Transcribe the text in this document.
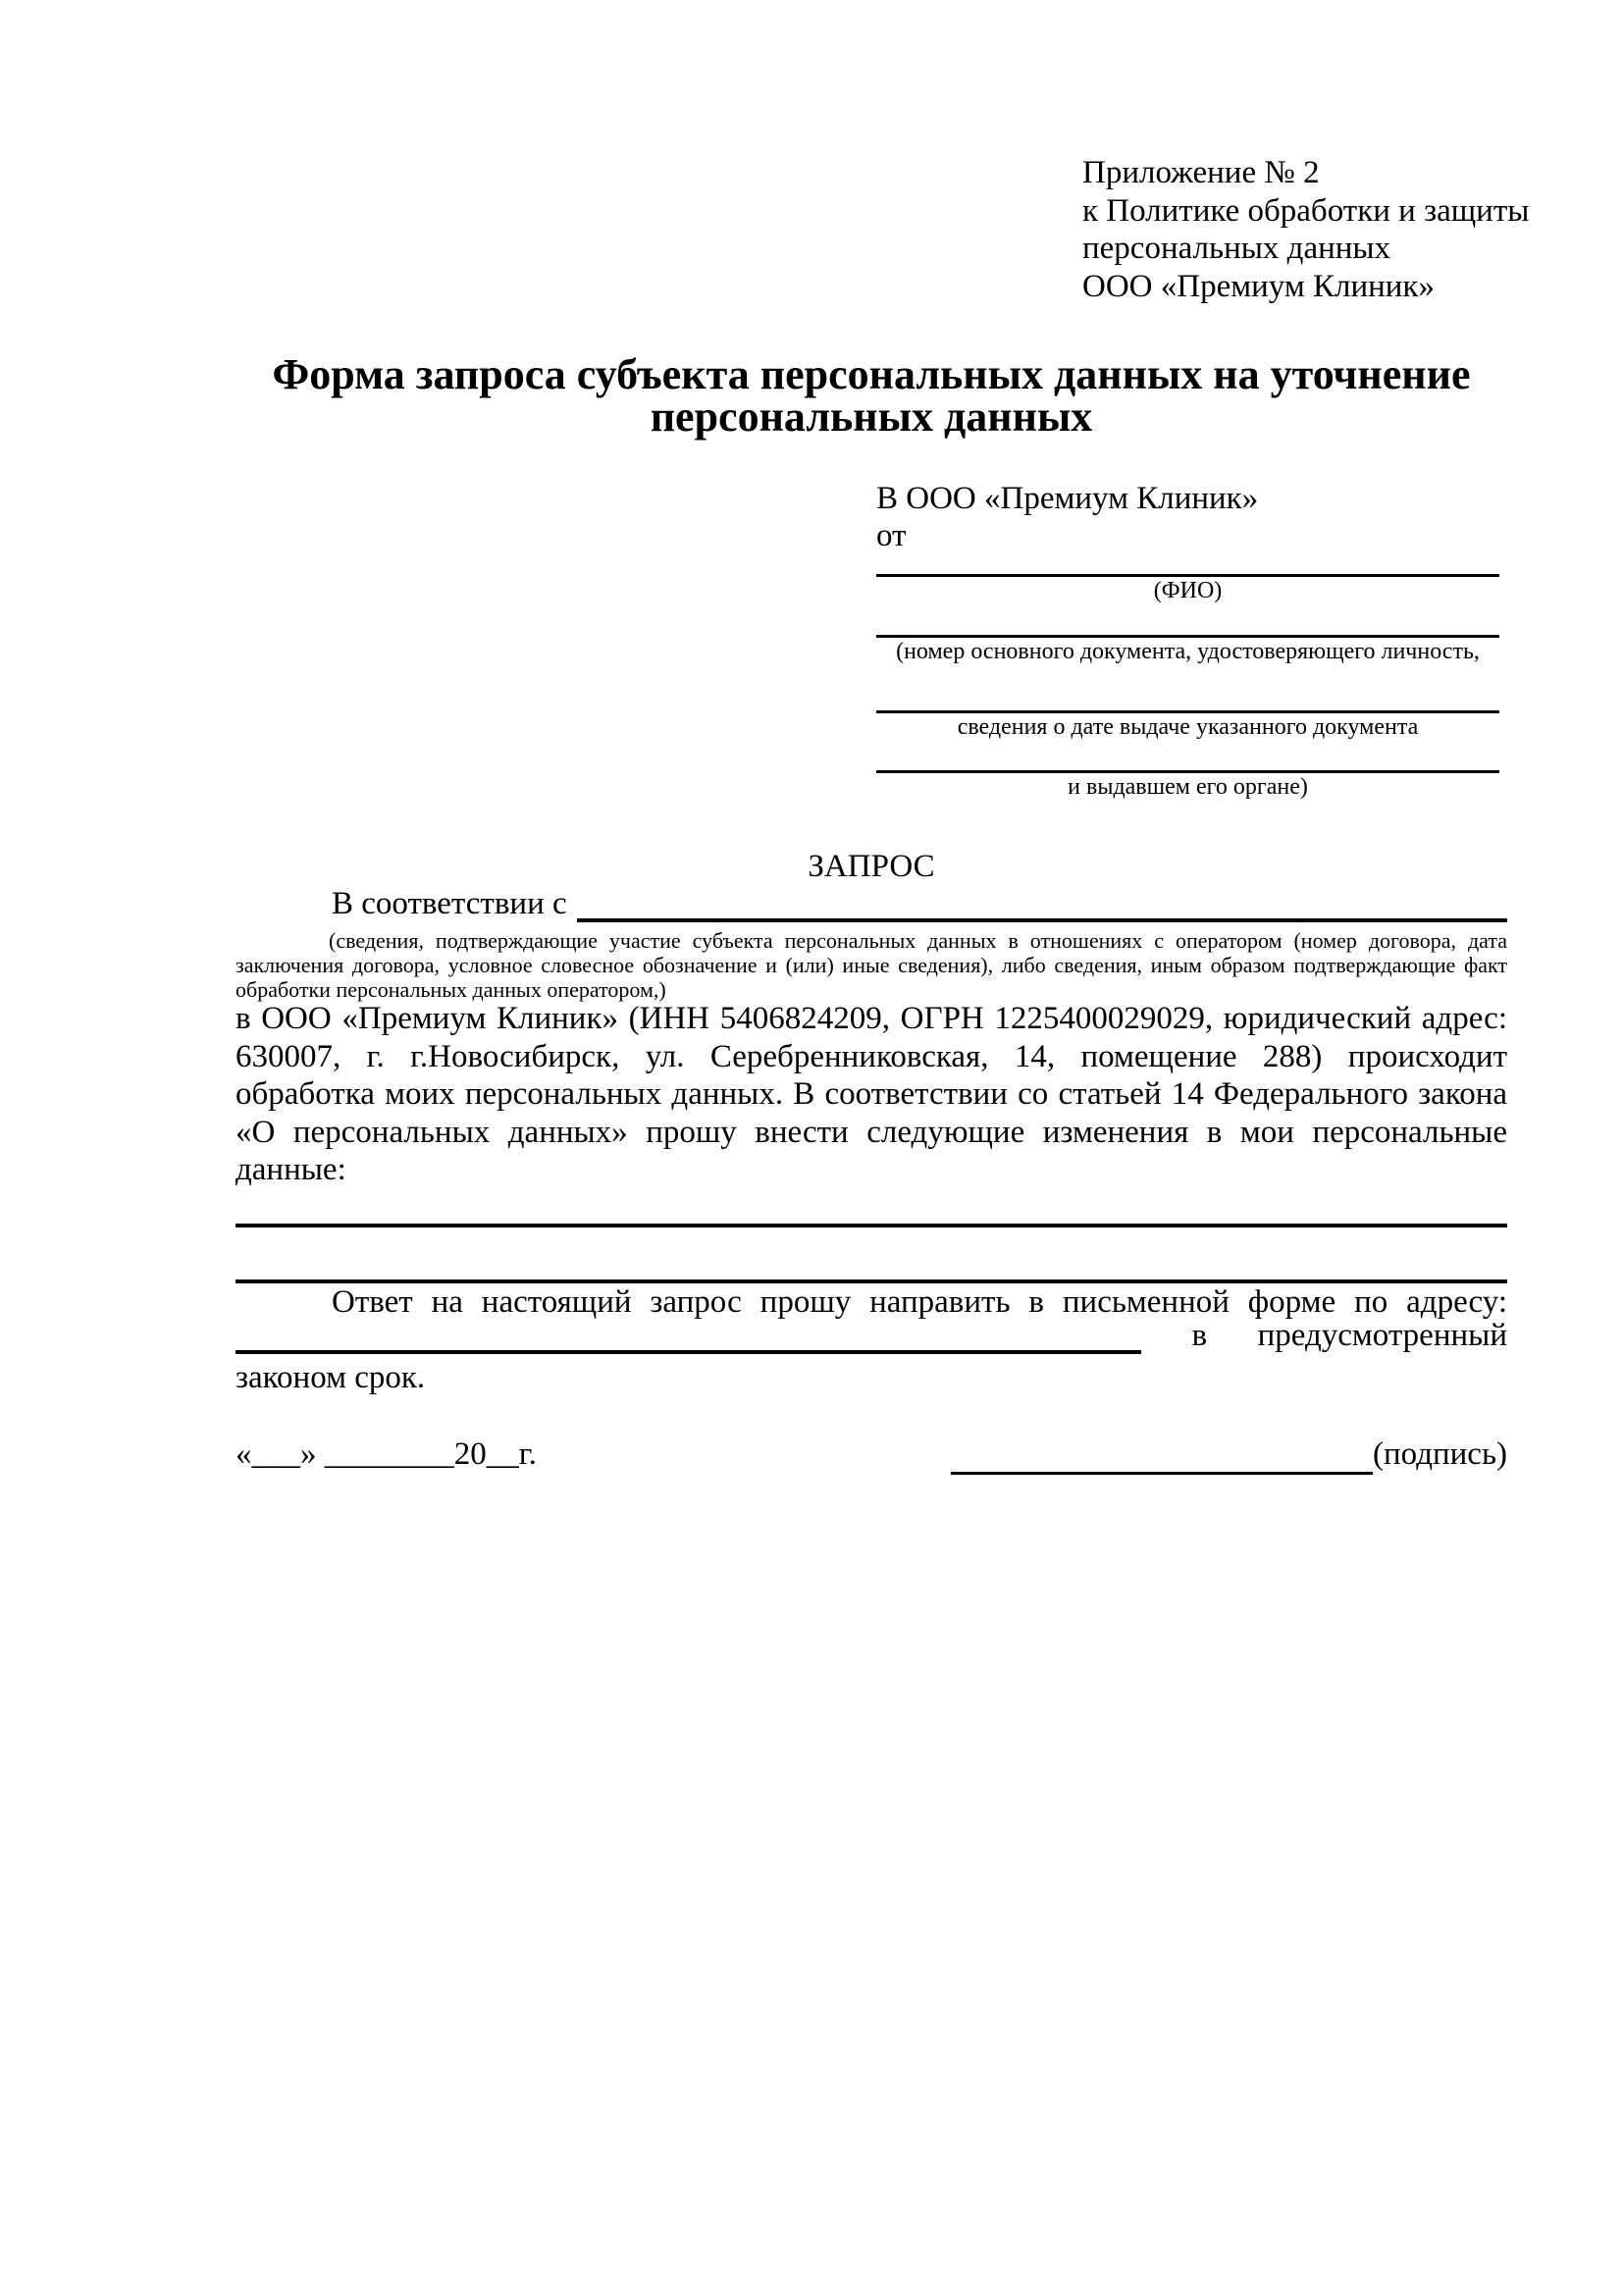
Приложение № 2
к Политике обработки и защиты
персональных данных
ООО «Премиум Клиник»
Форма запроса субъекта персональных данных на уточнение
персональных данных
В ООО «Премиум Клиник»
от
(ФИО)
(номер основного документа, удостоверяющего личность,
сведения о дате выдаче указанного документа
и выдавшем его органе)
ЗАПРОС
В соответствии с
(сведения, подтверждающие участие субъекта персональных данных в отношениях с оператором (номер договора, дата заключения договора, условное словесное обозначение и (или) иные сведения), либо сведения, иным образом подтверждающие факт обработки персональных данных оператором,)
в ООО «Премиум Клиник» (ИНН 5406824209, ОГРН 1225400029029, юридический адрес: 630007, г. г.Новосибирск, ул. Серебренниковская, 14, помещение 288) происходит обработка моих персональных данных. В соответствии со статьей 14 Федерального закона «О персональных данных» прошу внести следующие изменения в мои персональные данные:
Ответ на настоящий запрос прошу направить в письменной форме по адресу:
в предусмотренный
законом срок.
«___» ________20__г.	(подпись)
